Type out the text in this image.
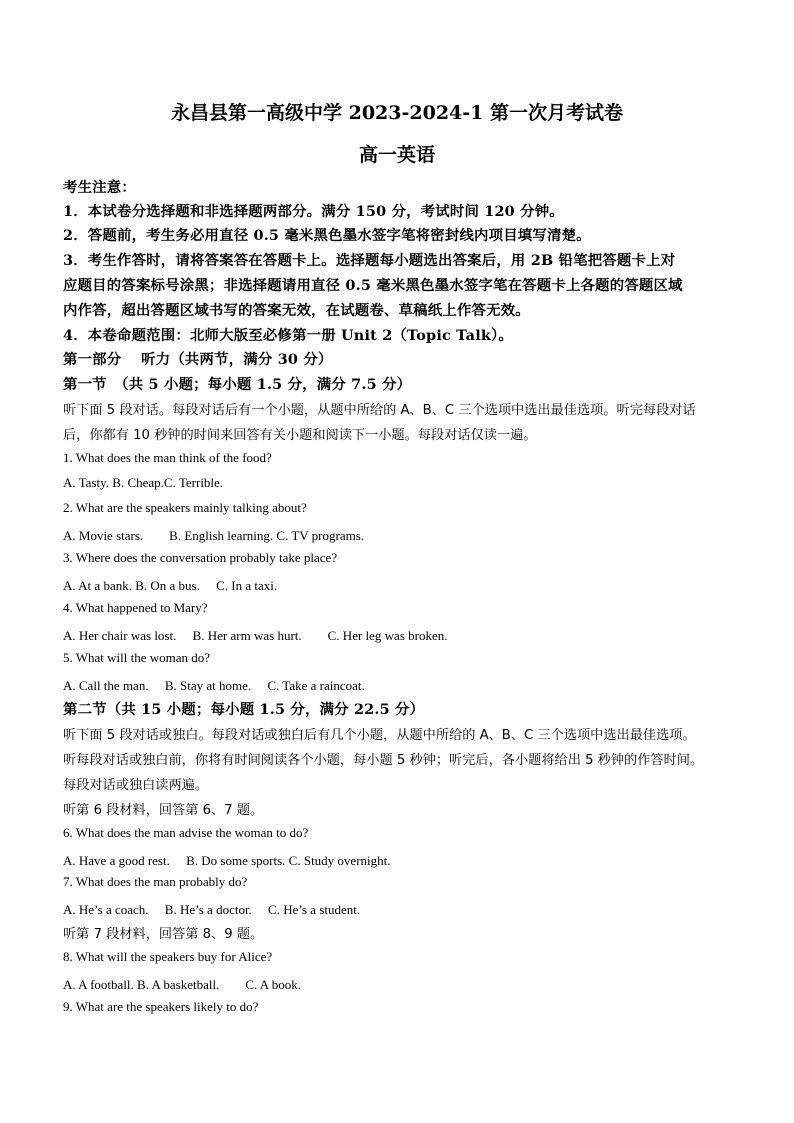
永昌县第一高级中学 2023-2024-1 第一次月考试卷
高一英语
考生注意：
1．本试卷分选择题和非选择题两部分。满分 150 分，考试时间 120 分钟。
2．答题前，考生务必用直径 0.5 毫米黑色墨水签字笔将密封线内项目填写清楚。
3．考生作答时，请将答案答在答题卡上。选择题每小题选出答案后，用 2B 铅笔把答题卡上对
应题目的答案标号涂黑；非选择题请用直径 0.5 毫米黑色墨水签字笔在答题卡上各题的答题区域
内作答，超出答题区域书写的答案无效，在试题卷、草稿纸上作答无效。
4．本卷命题范围：北师大版至必修第一册 Unit 2（Topic Talk）。
第一部分　 听力（共两节，满分 30 分）
第一节　（共 5 小题；每小题 1.5 分，满分 7.5 分）
听下面 5 段对话。每段对话后有一个小题，从题中所给的 A、B、C 三个选项中选出最佳选项。听完每段对话
后，你都有 10 秒钟的时间来回答有关小题和阅读下一小题。每段对话仅读一遍。
1. What does the man think of the food?
A. Tasty. B. Cheap.C. Terrible.
2. What are the speakers mainly talking about?
A. Movie stars.　　B. English learning. C. TV programs.
3. Where does the conversation probably take place?
A. At a bank. B. On a bus.　 C. In a taxi.
4. What happened to Mary?
A. Her chair was lost.　 B. Her arm was hurt.　　C. Her leg was broken.
5. What will the woman do?
A. Call the man.　 B. Stay at home.　 C. Take a raincoat.
第二节（共 15 小题；每小题 1.5 分，满分 22.5 分）
听下面 5 段对话或独白。每段对话或独白后有几个小题，从题中所给的 A、B、C 三个选项中选出最佳选项。
听每段对话或独白前，你将有时间阅读各个小题，每小题 5 秒钟；听完后，各小题将给出 5 秒钟的作答时间。
每段对话或独白读两遍。
听第 6 段材料，回答第 6、7 题。
6. What does the man advise the woman to do?
A. Have a good rest.　 B. Do some sports. C. Study overnight.
7. What does the man probably do?
A. He’s a coach.　 B. He’s a doctor.　 C. He’s a student.
听第 7 段材料，回答第 8、9 题。
8. What will the speakers buy for Alice?
A. A football. B. A basketball.　　C. A book.
9. What are the speakers likely to do?
